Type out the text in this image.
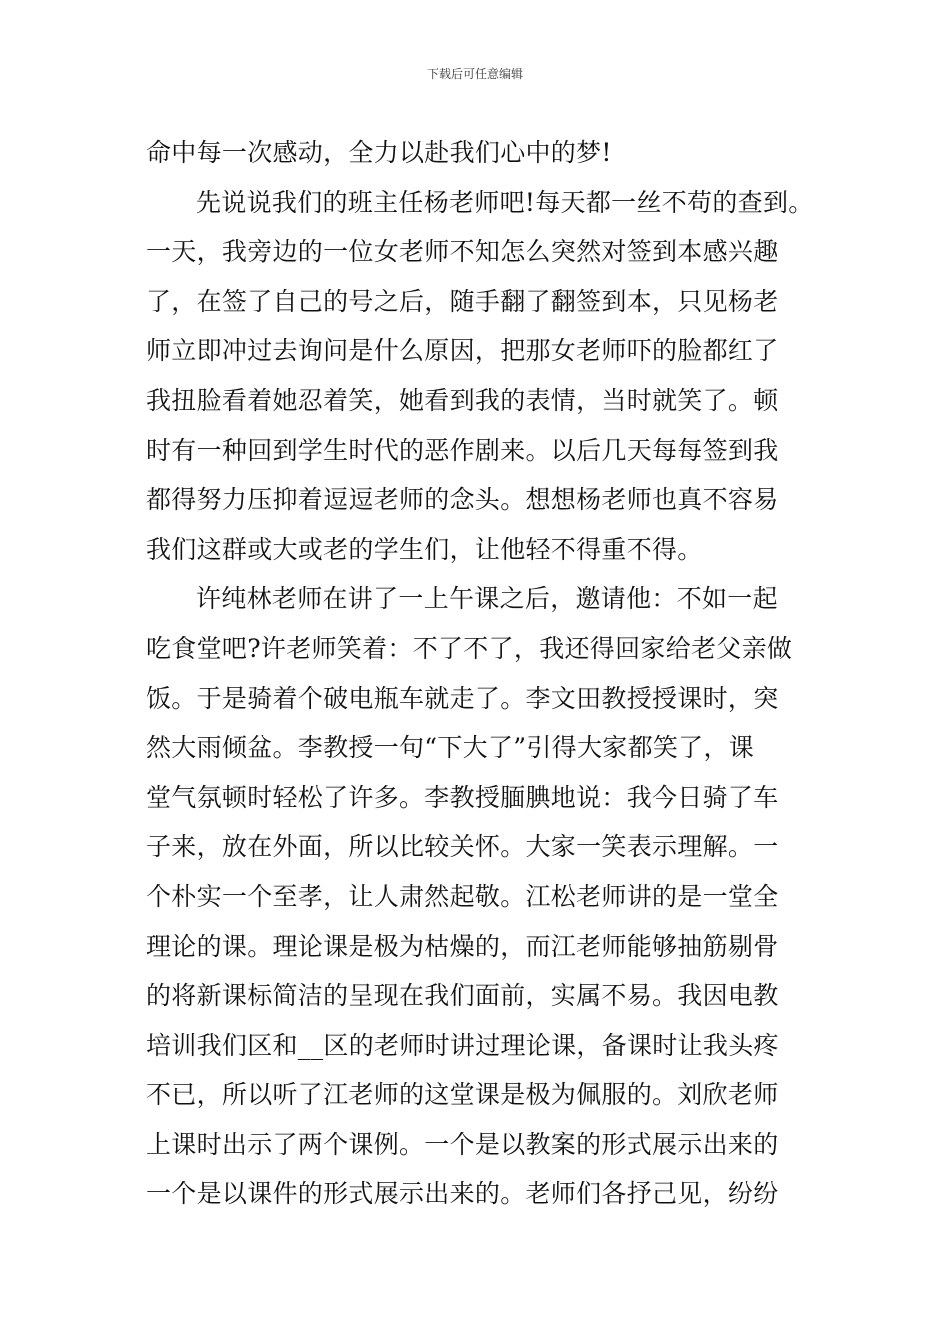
下载后可任意编辑
命中每一次感动，全力以赴我们心中的梦!
先说说我们的班主任杨老师吧!每天都一丝不苟的查到。
一天，我旁边的一位女老师不知怎么突然对签到本感兴趣
了，在签了自己的号之后，随手翻了翻签到本，只见杨老
师立即冲过去询问是什么原因，把那女老师吓的脸都红了
我扭脸看着她忍着笑，她看到我的表情，当时就笑了。顿
时有一种回到学生时代的恶作剧来。以后几天每每签到我
都得努力压抑着逗逗老师的念头。想想杨老师也真不容易
我们这群或大或老的学生们，让他轻不得重不得。
许纯林老师在讲了一上午课之后，邀请他：不如一起
吃食堂吧?许老师笑着：不了不了，我还得回家给老父亲做
饭。于是骑着个破电瓶车就走了。李文田教授授课时，突
然大雨倾盆。李教授一句“下大了”引得大家都笑了，课
堂气氛顿时轻松了许多。李教授腼腆地说：我今日骑了车
子来，放在外面，所以比较关怀。大家一笑表示理解。一
个朴实一个至孝，让人肃然起敬。江松老师讲的是一堂全
理论的课。理论课是极为枯燥的，而江老师能够抽筋剔骨
的将新课标简洁的呈现在我们面前，实属不易。我因电教
培训我们区和__区的老师时讲过理论课，备课时让我头疼
不已，所以听了江老师的这堂课是极为佩服的。刘欣老师
上课时出示了两个课例。一个是以教案的形式展示出来的
一个是以课件的形式展示出来的。老师们各抒己见，纷纷
